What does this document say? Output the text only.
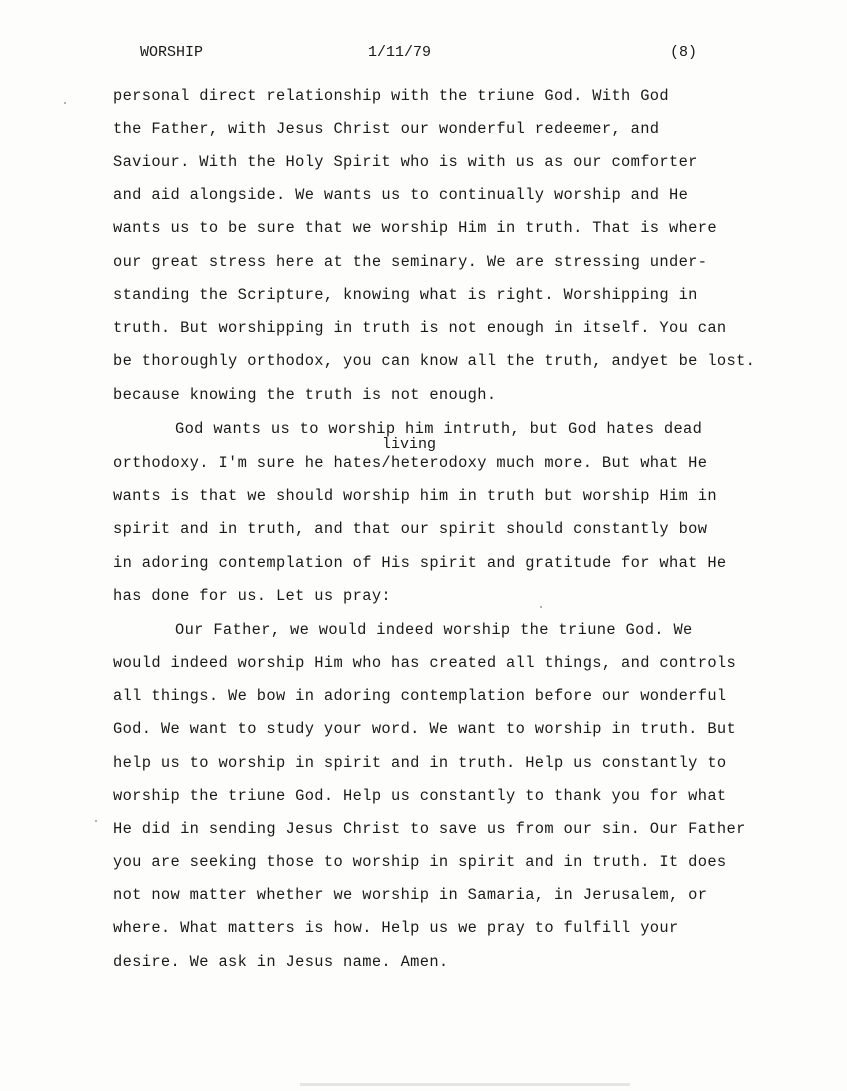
WORSHIP	1/11/79	(8)
personal direct relationship with the triune God. With God
the Father, with Jesus Christ our wonderful redeemer, and
Saviour. With the Holy Spirit who is with us as our comforter
and aid alongside. We wants us to continually worship and He
wants us to be sure that we worship Him in truth. That is where
our great stress here at the seminary. We are stressing under-
standing the Scripture, knowing what is right. Worshipping in
truth. But worshipping in truth is not enough in itself. You can
be thoroughly orthodox, you can know all the truth, andyet be lost.
because knowing the truth is not enough.
God wants us to worship him intruth, but God hates dead
living
orthodoxy. I'm sure he hates/heterodoxy much more. But what He
wants is that we should worship him in truth but worship Him in
spirit and in truth, and that our spirit should constantly bow
in adoring contemplation of His spirit and gratitude for what He
has done for us. Let us pray:
Our Father, we would indeed worship the triune God. We
would indeed worship Him who has created all things, and controls
all things. We bow in adoring contemplation before our wonderful
God. We want to study your word. We want to worship in truth. But
help us to worship in spirit and in truth. Help us constantly to
worship the triune God. Help us constantly to thank you for what
He did in sending Jesus Christ to save us from our sin. Our Father
you are seeking those to worship in spirit and in truth. It does
not now matter whether we worship in Samaria, in Jerusalem, or
where. What matters is how. Help us we pray to fulfill your
desire. We ask in Jesus name. Amen.
